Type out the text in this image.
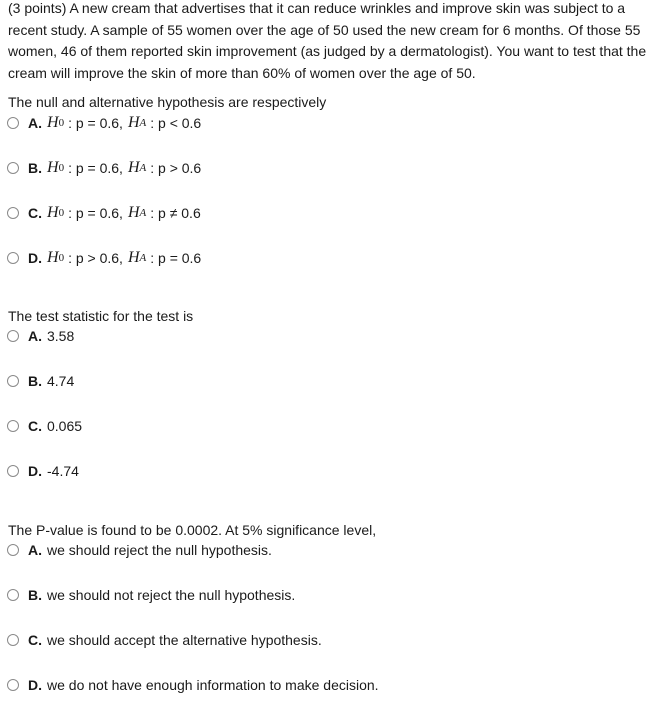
(3 points) A new cream that advertises that it can reduce wrinkles and improve skin was subject to a recent study. A sample of 55 women over the age of 50 used the new cream for 6 months. Of those 55 women, 46 of them reported skin improvement (as judged by a dermatologist). You want to test that the cream will improve the skin of more than 60% of women over the age of 50.
The null and alternative hypothesis are respectively
A. H 0 : p = 0.6, H A : p < 0.6
B. H 0 : p = 0.6, H A : p > 0.6
C. H 0 : p = 0.6, H A : p ≠ 0.6
D. H 0 : p > 0.6, H A : p = 0.6
The test statistic for the test is
A. 3.58
B. 4.74
C. 0.065
D. -4.74
The P-value is found to be 0.0002. At 5% significance level,
A. we should reject the null hypothesis.
B. we should not reject the null hypothesis.
C. we should accept the alternative hypothesis.
D. we do not have enough information to make decision.
